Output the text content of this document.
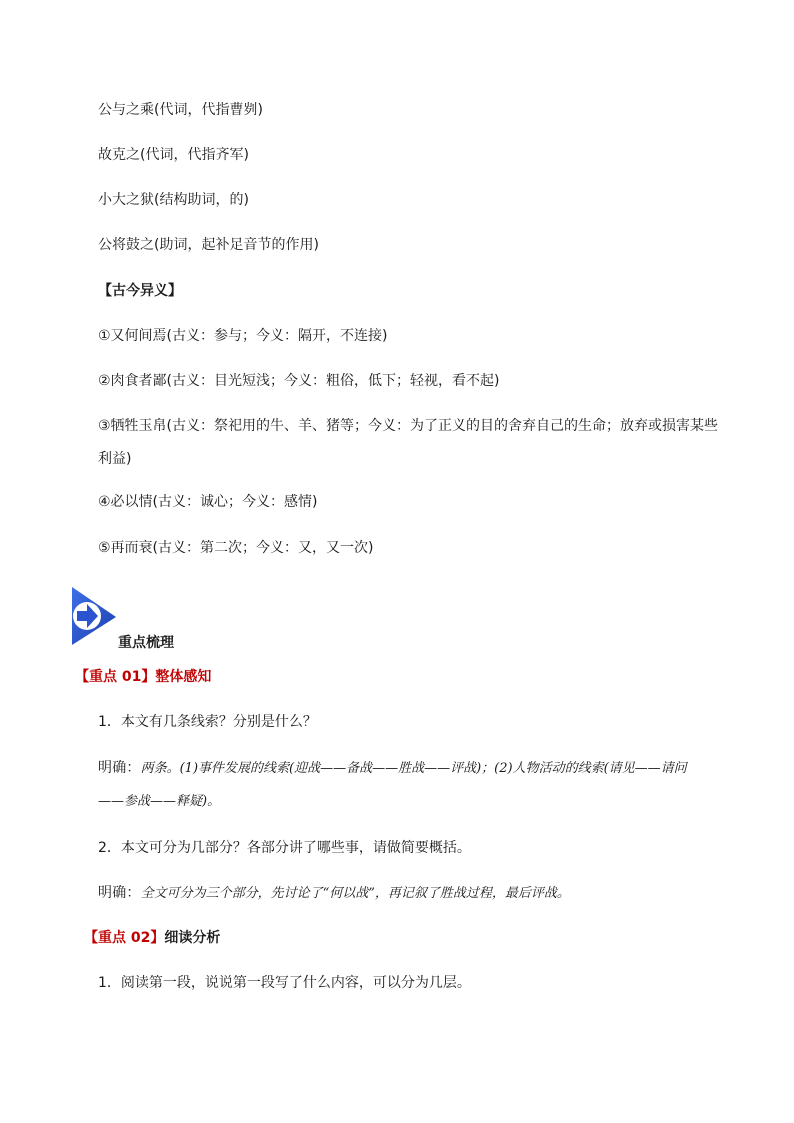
公与之乘(代词，代指曹刿)
故克之(代词，代指齐军)
小大之狱(结构助词，的)
公将鼓之(助词，起补足音节的作用)
【古今异义】
①又何间焉(古义：参与；今义：隔开，不连接)
②肉食者鄙(古义：目光短浅；今义：粗俗，低下；轻视，看不起)
③牺牲玉帛(古义：祭祀用的牛、羊、猪等；今义：为了正义的目的舍弃自己的生命；放弃或损害某些利益)
④必以情(古义：诚心；今义：感情)
⑤再而衰(古义：第二次；今义：又，又一次)
重点梳理
【重点 01】整体感知
1．本文有几条线索？分别是什么？
明确：两条。(1)事件发展的线索(迎战——备战——胜战——评战)；(2)人物活动的线索(请见——请问
——参战——释疑)。
2．本文可分为几部分？各部分讲了哪些事，请做简要概括。
明确：全文可分为三个部分，先讨论了“何以战”，再记叙了胜战过程，最后评战。
【重点 02】细读分析
1．阅读第一段，说说第一段写了什么内容，可以分为几层。
